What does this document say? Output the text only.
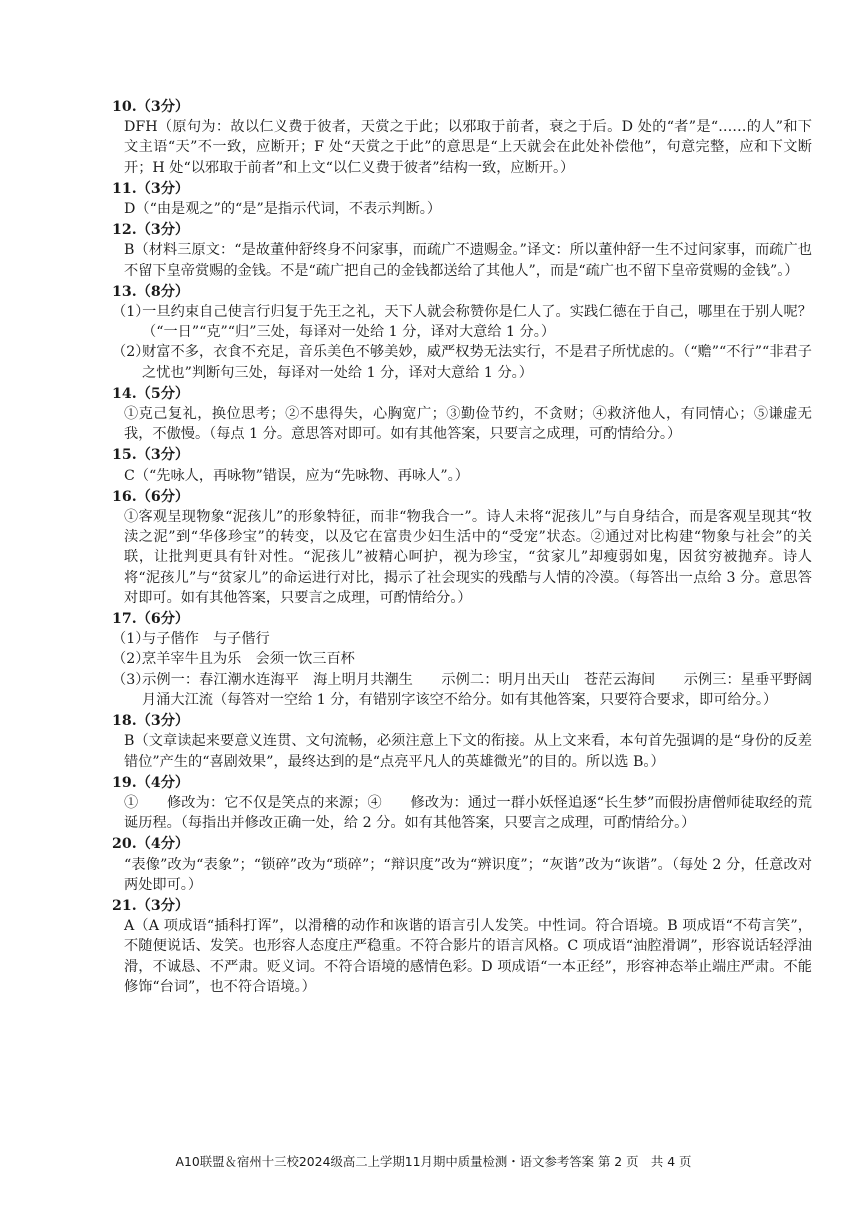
10.（3分）
DFH（原句为：故以仁义费于彼者，天赏之于此；以邪取于前者，衰之于后。D 处的“者”是“……的人”和下文主语“天”不一致，应断开；F 处“天赏之于此”的意思是“上天就会在此处补偿他”，句意完整，应和下文断开；H 处“以邪取于前者”和上文“以仁义费于彼者”结构一致，应断开。）
11.（3分）
D（“由是观之”的“是”是指示代词，不表示判断。）
12.（3分）
B（材料三原文：“是故董仲舒终身不问家事，而疏广不遗赐金。”译文：所以董仲舒一生不过问家事，而疏广也不留下皇帝赏赐的金钱。不是“疏广把自己的金钱都送给了其他人”，而是“疏广也不留下皇帝赏赐的金钱”。）
13.（8分）
（1）一旦约束自己使言行归复于先王之礼，天下人就会称赞你是仁人了。实践仁德在于自己，哪里在于别人呢？（“一日”“克”“归”三处，每译对一处给 1 分，译对大意给 1 分。）
（2）财富不多，衣食不充足，音乐美色不够美妙，威严权势无法实行，不是君子所忧虑的。（“赡”“不行”“非君子之忧也”判断句三处，每译对一处给 1 分，译对大意给 1 分。）
14.（5分）
①克己复礼，换位思考；②不患得失，心胸宽广；③勤俭节约，不贪财；④救济他人，有同情心；⑤谦虚无我，不傲慢。（每点 1 分。意思答对即可。如有其他答案，只要言之成理，可酌情给分。）
15.（3分）
C（“先咏人，再咏物”错误，应为“先咏物、再咏人”。）
16.（6分）
①客观呈现物象“泥孩儿”的形象特征，而非“物我合一”。诗人未将“泥孩儿”与自身结合，而是客观呈现其“牧渎之泥”到“华侈珍宝”的转变，以及它在富贵少妇生活中的“受宠”状态。②通过对比构建“物象与社会”的关联，让批判更具有针对性。“泥孩儿”被精心呵护，视为珍宝，“贫家儿”却瘦弱如鬼，因贫穷被抛弃。诗人将“泥孩儿”与“贫家儿”的命运进行对比，揭示了社会现实的残酷与人情的冷漠。（每答出一点给 3 分。意思答对即可。如有其他答案，只要言之成理，可酌情给分。）
17.（6分）
（1）与子偕作　与子偕行
（2）烹羊宰牛且为乐　会须一饮三百杯
（3）示例一：春江潮水连海平　海上明月共潮生　　示例二：明月出天山　苍茫云海间　　示例三：星垂平野阔　月涌大江流（每答对一空给 1 分，有错别字该空不给分。如有其他答案，只要符合要求，即可给分。）
18.（3分）
B（文章读起来要意义连贯、文句流畅，必须注意上下文的衔接。从上文来看，本句首先强调的是“身份的反差错位”产生的“喜剧效果”，最终达到的是“点亮平凡人的英雄微光”的目的。所以选 B。）
19.（4分）
①　　修改为：它不仅是笑点的来源；④　　修改为：通过一群小妖怪追逐“长生梦”而假扮唐僧师徒取经的荒诞历程。（每指出并修改正确一处，给 2 分。如有其他答案，只要言之成理，可酌情给分。）
20.（4分）
“表像”改为“表象”；“锁碎”改为“琐碎”；“辩识度”改为“辨识度”；“灰谐”改为“诙谐”。（每处 2 分，任意改对两处即可。）
21.（3分）
A（A 项成语“插科打诨”，以滑稽的动作和诙谐的语言引人发笑。中性词。符合语境。B 项成语“不苟言笑”，不随便说话、发笑。也形容人态度庄严稳重。不符合影片的语言风格。C 项成语“油腔滑调”，形容说话轻浮油滑，不诚恳、不严肃。贬义词。不符合语境的感情色彩。D 项成语“一本正经”，形容神态举止端庄严肃。不能修饰“台词”，也不符合语境。）
A10联盟＆宿州十三校2024级高二上学期11月期中质量检测・语文参考答案 第 2 页　共 4 页
